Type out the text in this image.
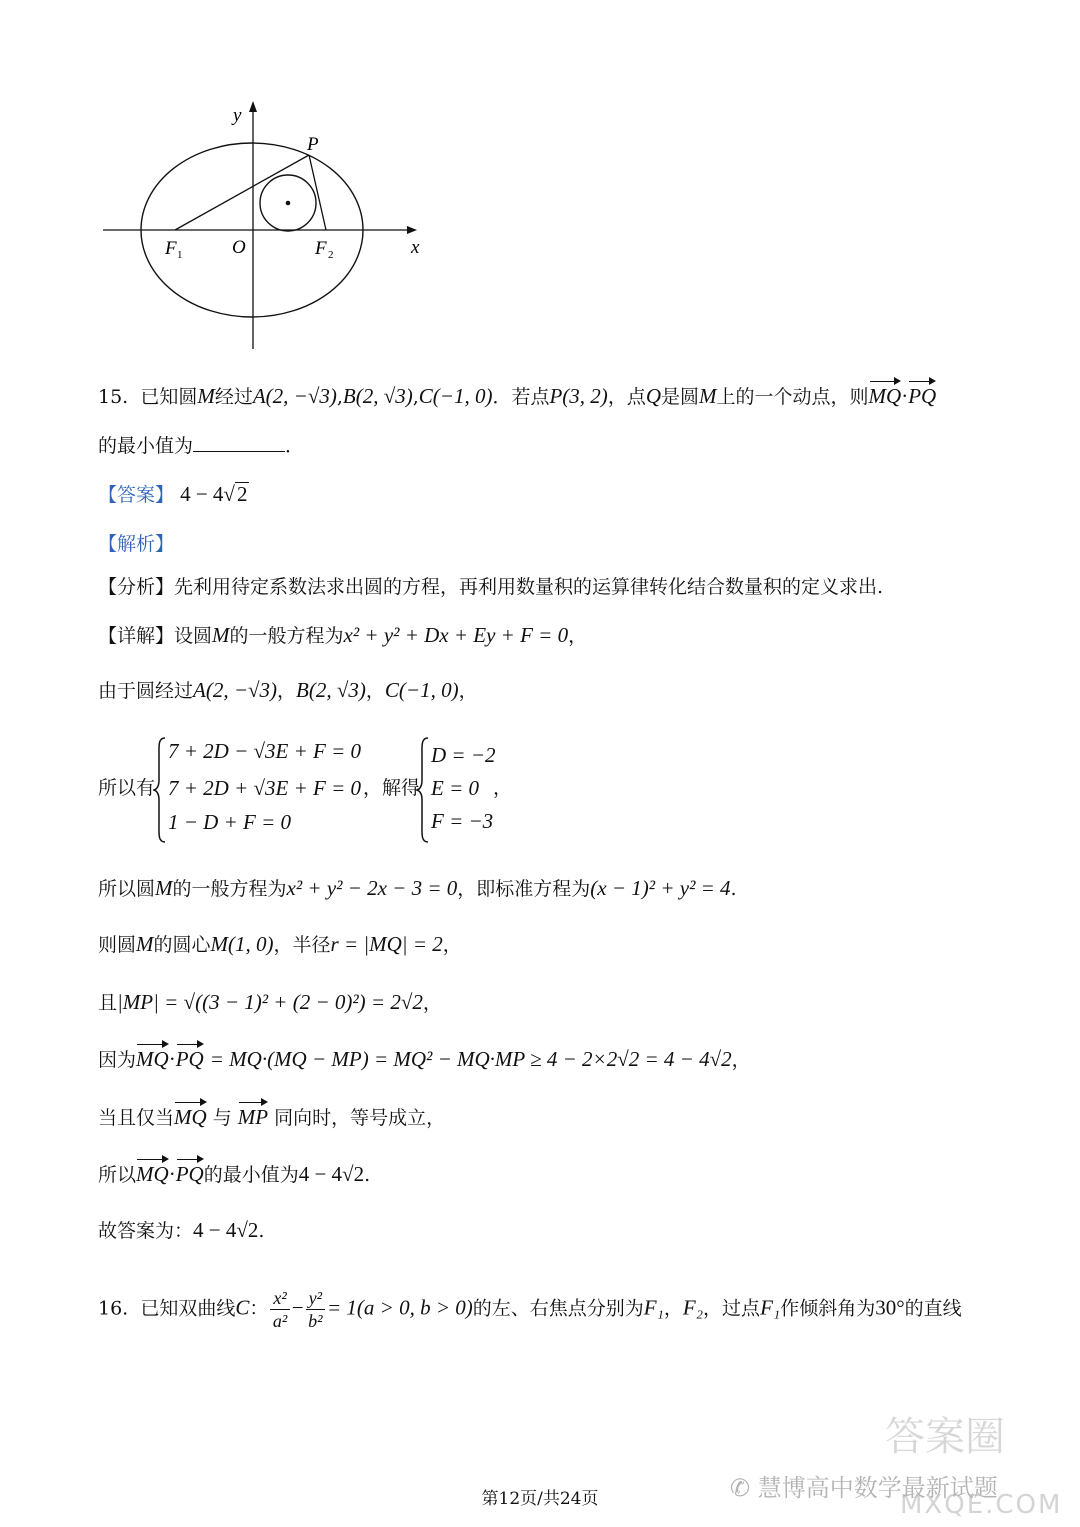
y
x
O
P
F 1	F 2
15. 已知圆M经过A(2, −√3),B(2, √3),C(−1, 0)．若点P(3, 2)，点Q是圆M上的一个动点，则MQ·PQ
的最小值为	．
【答案】 4 − 4√2
【解析】
【分析】先利用待定系数法求出圆的方程，再利用数量积的运算律转化结合数量积的定义求出.
【详解】设圆M的一般方程为x² + y² + Dx + Ey + F = 0，
由于圆经过A(2, −√3)，B(2, √3)，C(−1, 0)，
所以有
7 + 2D − √3E + F = 0
7 + 2D + √3E + F = 0
1 − D + F = 0
，解得
D = −2
E = 0
F = −3
，
所以圆M的一般方程为x² + y² − 2x − 3 = 0，即标准方程为(x − 1)² + y² = 4.
则圆M的圆心M(1, 0)，半径r = |MQ| = 2，
且|MP| = √((3 − 1)² + (2 − 0)²) = 2√2，
因为MQ·PQ = MQ·(MQ − MP) = MQ² − MQ·MP ≥ 4 − 2×2√2 = 4 − 4√2，
当且仅当MQ 与 MP 同向时，等号成立，
所以MQ·PQ的最小值为4 − 4√2.
故答案为：4 − 4√2.
16. 已知双曲线C： $\frac{\text{x²}}{\text{a²}} - \frac{\text{y²}}{\text{b²}} = 1(a > 0$, b > 0)的左、右焦点分别为F₁，F₂，过点F₁作倾斜角为30°的直线
答案圈
✆ 慧博高中数学最新试题
MXQE.COM
第12页/共24页
